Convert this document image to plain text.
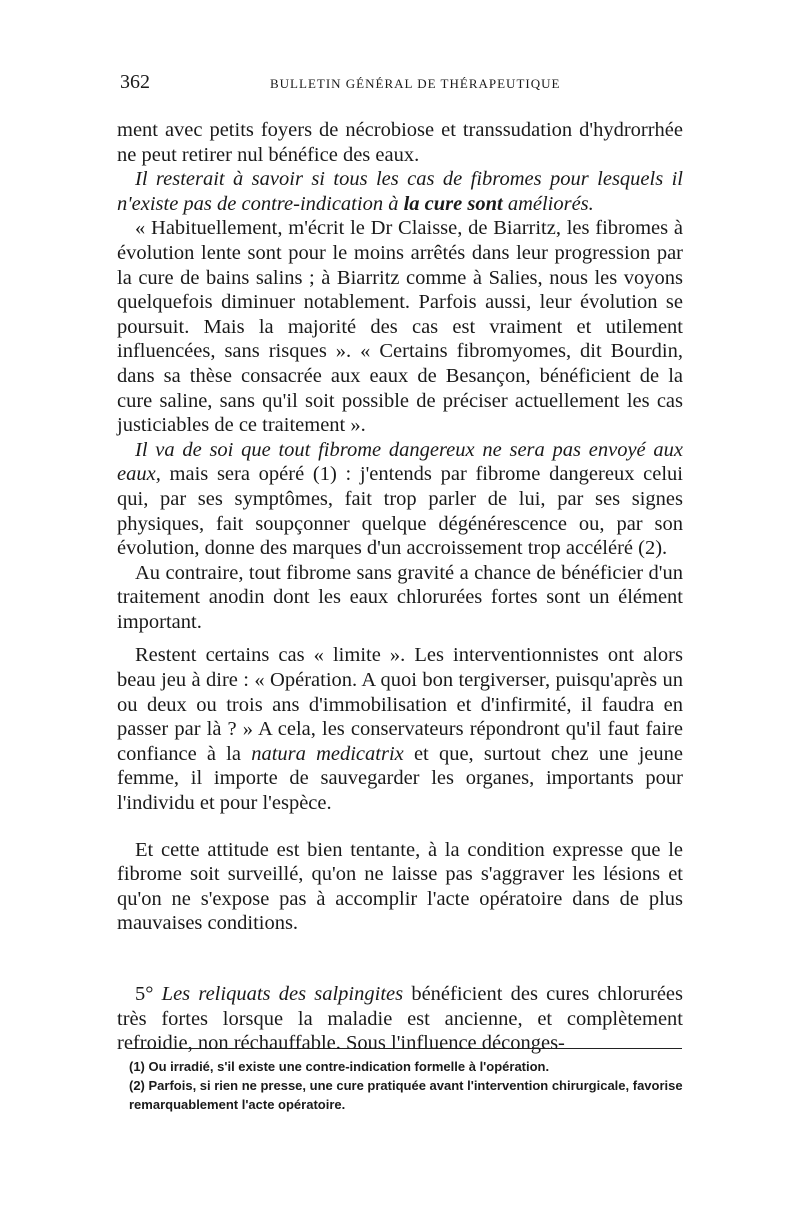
362	BULLETIN GÉNÉRAL DE THÉRAPEUTIQUE

ment avec petits foyers de nécrobiose et transsudation d'hydrorrhée ne peut retirer nul bénéfice des eaux.

Il resterait à savoir si tous les cas de fibromes pour lesquels il n'existe pas de contre-indication à la cure sont améliorés.

« Habituellement, m'écrit le Dr Claisse, de Biarritz, les fibromes à évolution lente sont pour le moins arrêtés dans leur progression par la cure de bains salins ; à Biarritz comme à Salies, nous les voyons quelquefois diminuer notablement. Parfois aussi, leur évolution se poursuit. Mais la majorité des cas est vraiment et utilement influencées, sans risques ». « Certains fibromyomes, dit Bourdin, dans sa thèse consacrée aux eaux de Besançon, bénéficient de la cure saline, sans qu'il soit possible de préciser actuellement les cas justiciables de ce traitement ».

Il va de soi que tout fibrome dangereux ne sera pas envoyé aux eaux, mais sera opéré (1) : j'entends par fibrome dangereux celui qui, par ses symptômes, fait trop parler de lui, par ses signes physiques, fait soupçonner quelque dégénérescence ou, par son évolution, donne des marques d'un accroissement trop accéléré (2).

Au contraire, tout fibrome sans gravité a chance de bénéficier d'un traitement anodin dont les eaux chlorurées fortes sont un élément important.

Restent certains cas « limite ». Les interventionnistes ont alors beau jeu à dire : « Opération. A quoi bon tergiverser, puisqu'après un ou deux ou trois ans d'immobilisation et d'infirmité, il faudra en passer par là ? » A cela, les conservateurs répondront qu'il faut faire confiance à la natura medicatrix et que, surtout chez une jeune femme, il importe de sauvegarder les organes, importants pour l'individu et pour l'espèce.

Et cette attitude est bien tentante, à la condition expresse que le fibrome soit surveillé, qu'on ne laisse pas s'aggraver les lésions et qu'on ne s'expose pas à accomplir l'acte opératoire dans de plus mauvaises conditions.

5° Les reliquats des salpingites bénéficient des cures chlorurées très fortes lorsque la maladie est ancienne, et complètement refroidie, non réchauffable. Sous l'influence déconges-

(1) Ou irradié, s'il existe une contre-indication formelle à l'opération.

(2) Parfois, si rien ne presse, une cure pratiquée avant l'intervention chirurgicale, favorise remarquablement l'acte opératoire.
